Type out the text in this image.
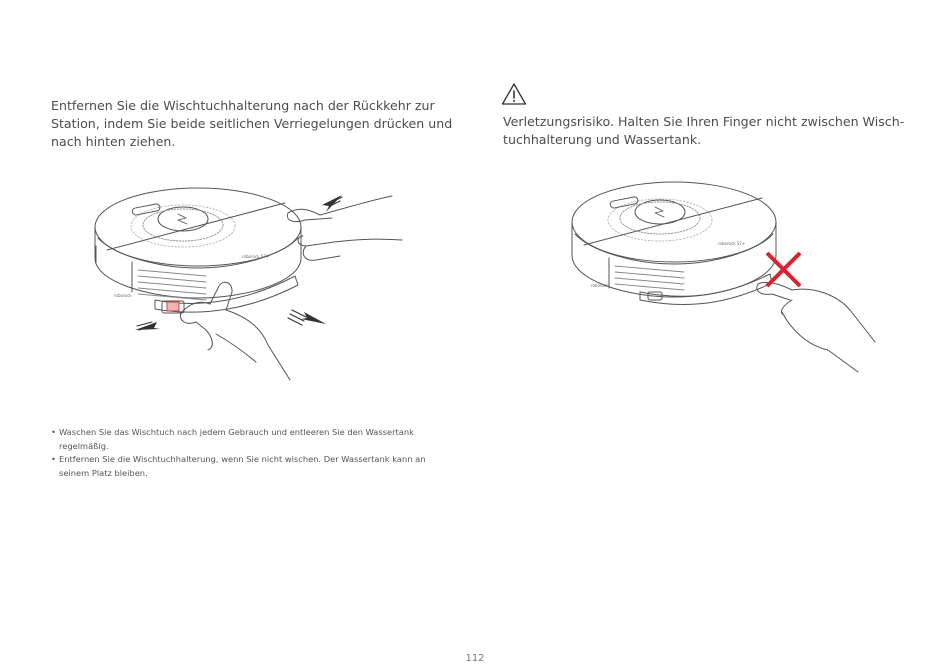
Entfernen Sie die Wischtuchhalterung nach der Rückkehr zur
Station, indem Sie beide seitlichen Verriegelungen drücken und
nach hinten ziehen.
Verletzungsrisiko. Halten Sie Ihren Finger nicht zwischen Wisch-
tuchhalterung und Wassertank.
roborock
roborock S7+
roborock
roborock S7+
• Waschen Sie das Wischtuch nach jedem Gebrauch und entleeren Sie den Wassertank
regelmäßig.
• Entfernen Sie die Wischtuchhalterung, wenn Sie nicht wischen. Der Wassertank kann an
seinem Platz bleiben.
112
